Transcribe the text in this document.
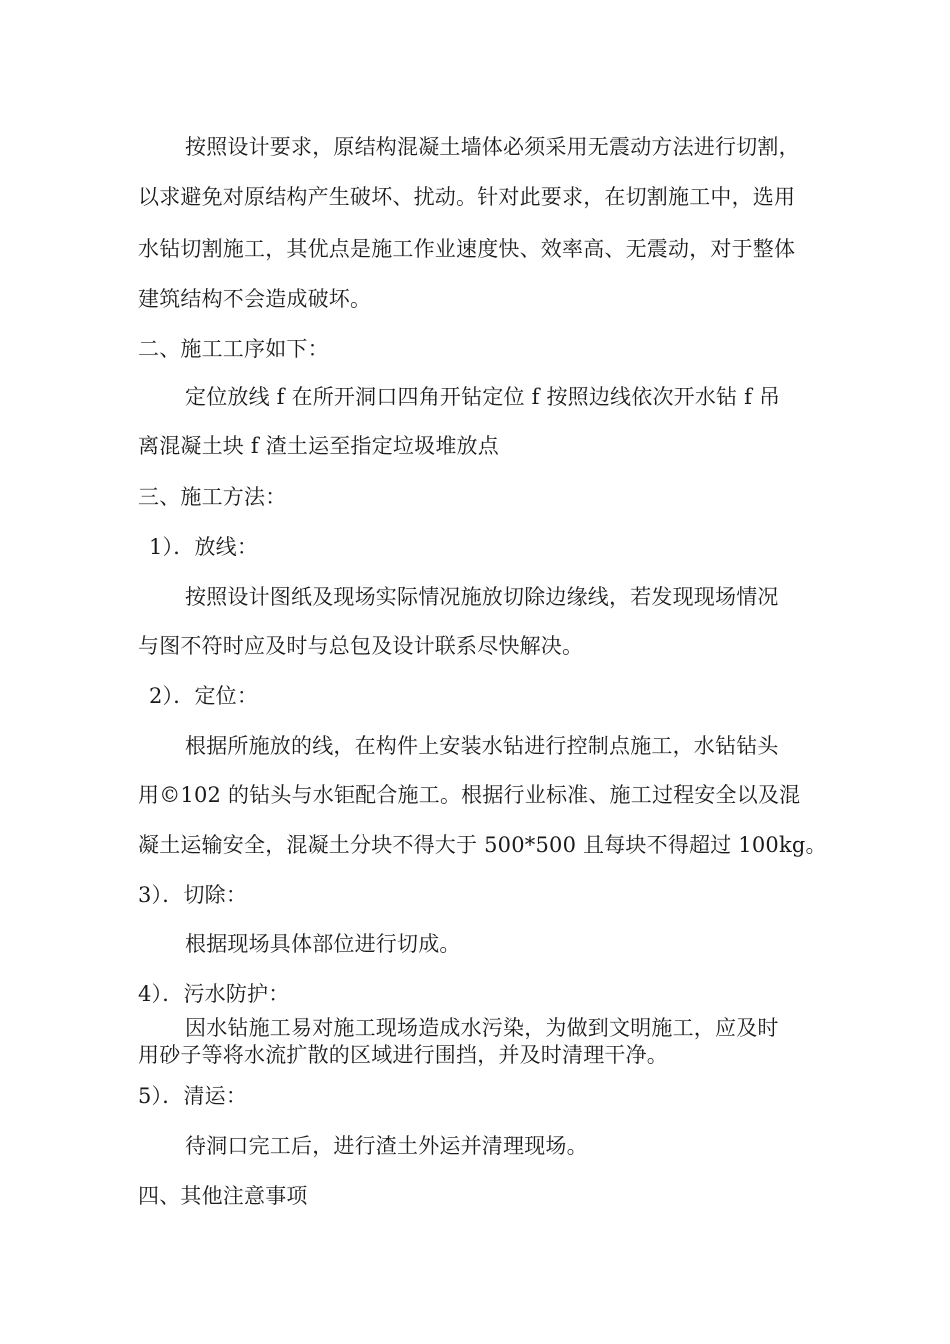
按照设计要求，原结构混凝土墙体必须采用无震动方法进行切割，
以求避免对原结构产生破坏、扰动。针对此要求，在切割施工中，选用
水钻切割施工，其优点是施工作业速度快、效率高、无震动，对于整体
建筑结构不会造成破坏。
二、施工工序如下：
定位放线 f 在所开洞口四角开钻定位 f 按照边线依次开水钻 f 吊
离混凝土块 f 渣土运至指定垃圾堆放点
三、施工方法：
1）．放线：
按照设计图纸及现场实际情况施放切除边缘线，若发现现场情况
与图不符时应及时与总包及设计联系尽快解决。
2）．定位：
根据所施放的线，在构件上安装水钻进行控制点施工，水钻钻头
用©102 的钻头与水钜配合施工。根据行业标准、施工过程安全以及混
凝土运输安全，混凝土分块不得大于 500*500 且每块不得超过 100kg。
3）．切除：
根据现场具体部位进行切成。
4）．污水防护：
因水钻施工易对施工现场造成水污染，为做到文明施工，应及时
用砂子等将水流扩散的区域进行围挡，并及时清理干净。
5）．清运：
待洞口完工后，进行渣土外运并清理现场。
四、其他注意事项
